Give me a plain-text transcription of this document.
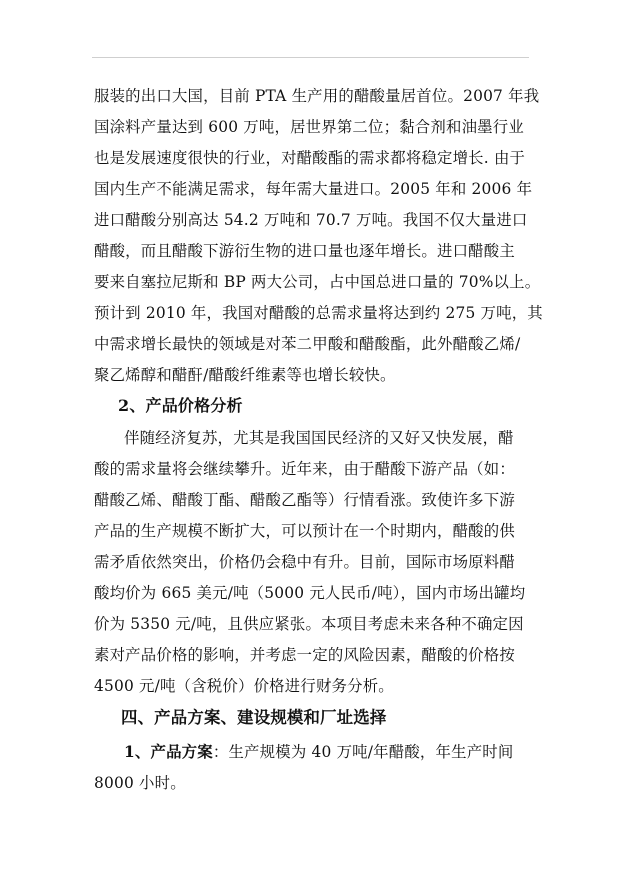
服装的出口大国，目前 PTA 生产用的醋酸量居首位。2007 年我
国涂料产量达到 600 万吨，居世界第二位；黏合剂和油墨行业
也是发展速度很快的行业，对醋酸酯的需求都将稳定增长. 由于
国内生产不能满足需求，每年需大量进口。2005 年和 2006 年
进口醋酸分别高达 54.2 万吨和 70.7 万吨。我国不仅大量进口
醋酸，而且醋酸下游衍生物的进口量也逐年增长。进口醋酸主
要来自塞拉尼斯和 BP 两大公司，占中国总进口量的 70%以上。
预计到 2010 年，我国对醋酸的总需求量将达到约 275 万吨，其
中需求增长最快的领域是对苯二甲酸和醋酸酯，此外醋酸乙烯/
聚乙烯醇和醋酐/醋酸纤维素等也增长较快。
2、产品价格分析
伴随经济复苏，尤其是我国国民经济的又好又快发展，醋
酸的需求量将会继续攀升。近年来，由于醋酸下游产品（如：
醋酸乙烯、醋酸丁酯、醋酸乙酯等）行情看涨。致使许多下游
产品的生产规模不断扩大，可以预计在一个时期内，醋酸的供
需矛盾依然突出，价格仍会稳中有升。目前，国际市场原料醋
酸均价为 665 美元/吨（5000 元人民币/吨），国内市场出罐均
价为 5350 元/吨，且供应紧张。本项目考虑未来各种不确定因
素对产品价格的影响，并考虑一定的风险因素，醋酸的价格按
4500 元/吨（含税价）价格进行财务分析。
四、产品方案、建设规模和厂址选择
1、产品方案：生产规模为 40 万吨/年醋酸，年生产时间
8000 小时。
